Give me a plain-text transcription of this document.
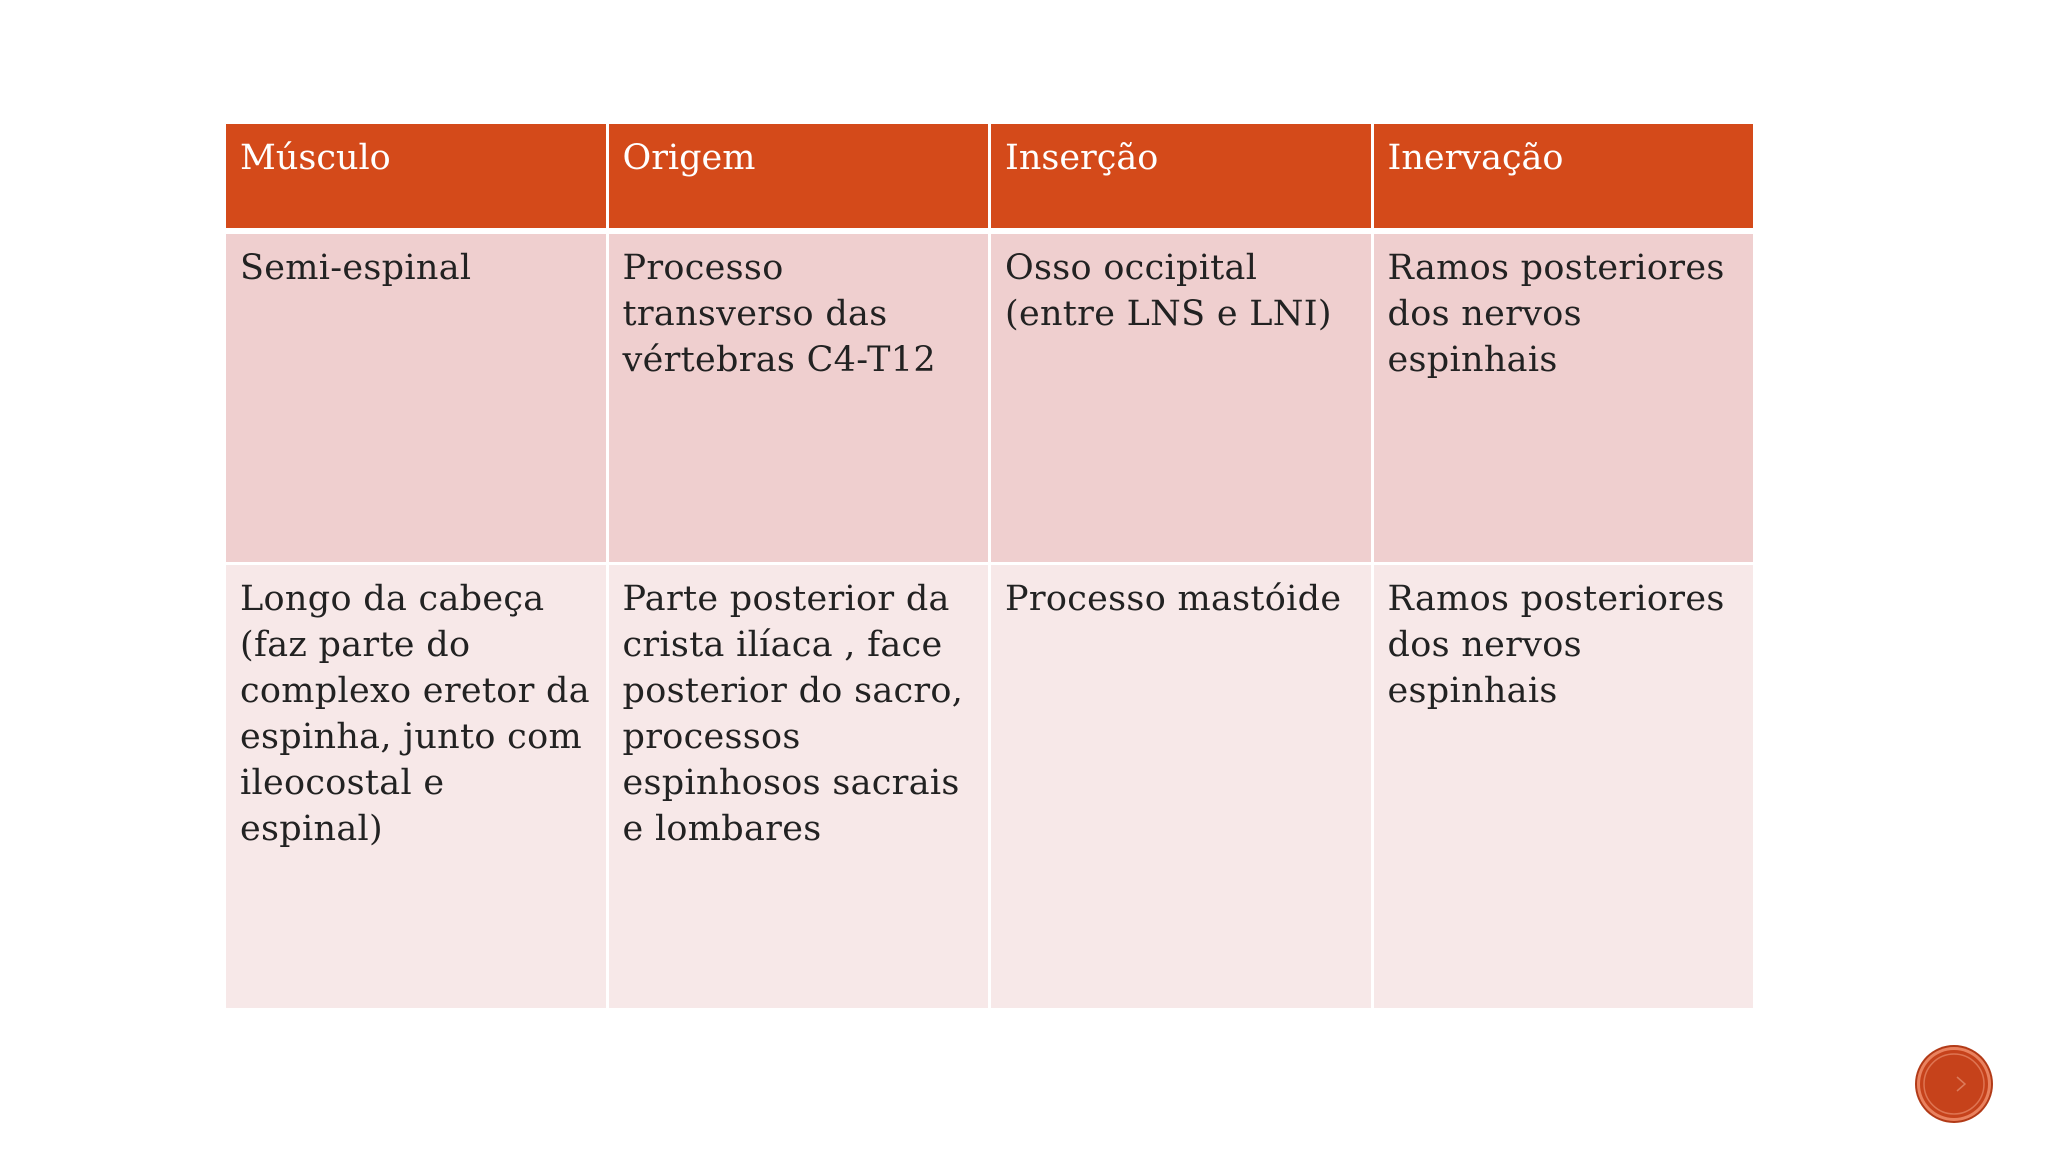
Músculo	Origem	Inserção	Inervação
Semi-espinal	Processo transverso das vértebras C4-T12	Osso occipital (entre LNS e LNI)	Ramos posteriores dos nervos espinhais
Longo da cabeça (faz parte do complexo eretor da espinha, junto com ileocostal e espinal)	Parte posterior da crista ilíaca , face posterior do sacro, processos espinhosos sacrais e lombares	Processo mastóide	Ramos posteriores dos nervos espinhais
